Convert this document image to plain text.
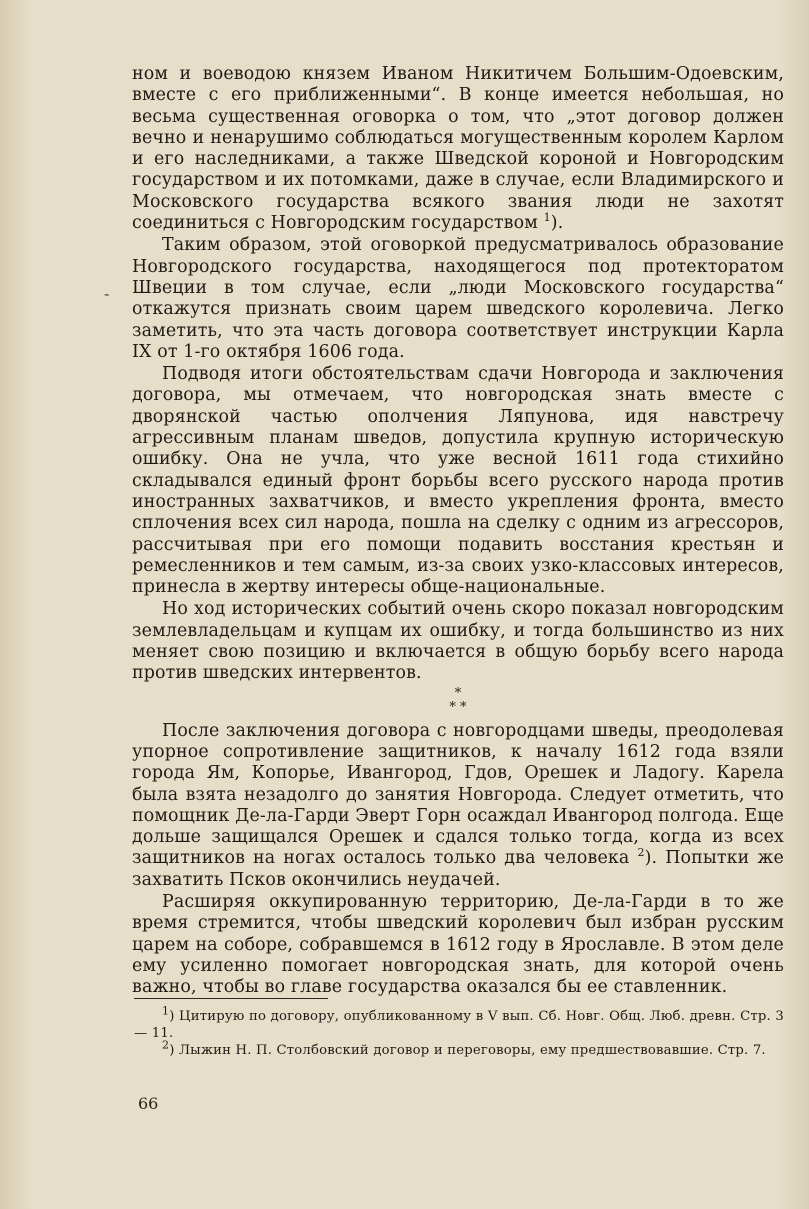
-

ном и воеводою князем Иваном Никитичем Большим-Одоевским, вместе с его приближенными“. В конце имеется небольшая, но весьма существенная оговорка о том, что „этот договор должен вечно и ненарушимо соблюдаться могущественным королем Карлом и его наследниками, а также Шведской короной и Новгородским государством и их потомками, даже в случае, если Владимирского и Московского государства всякого звания люди не захотят соединиться с Новгородским государством $^1$).

Таким образом, этой оговоркой предусматривалось образование Новгородского государства, находящегося под протекторатом Швеции в том случае, если „люди Московского государства“ откажутся признать своим царем шведского королевича. Легко заметить, что эта часть договора соответствует инструкции Карла IX от 1-го октября 1606 года.

Подводя итоги обстоятельствам сдачи Новгорода и заключения договора, мы отмечаем, что новгородская знать вместе с дворянской частью ополчения Ляпунова, идя навстречу агрессивным планам шведов, допустила крупную историческую ошибку. Она не учла, что уже весной 1611 года стихийно складывался единый фронт борьбы всего русского народа против иностранных захватчиков, и вместо укрепления фронта, вместо сплочения всех сил народа, пошла на сделку с одним из агрессоров, рассчитывая при его помощи подавить восстания крестьян и ремесленников и тем самым, из-за своих узко-классовых интересов, принесла в жертву интересы обще-национальные.

Но ход исторических событий очень скоро показал новгородским землевладельцам и купцам их ошибку, и тогда большинство из них меняет свою позицию и включается в общую борьбу всего народа против шведских интервентов.

*
* *

После заключения договора с новгородцами шведы, преодолевая упорное сопротивление защитников, к началу 1612 года взяли города Ям, Копорье, Ивангород, Гдов, Орешек и Ладогу. Карела была взята незадолго до занятия Новгорода. Следует отметить, что помощник Де-ла-Гарди Эверт Горн осаждал Ивангород полгода. Еще дольше защищался Орешек и сдался только тогда, когда из всех защитников на ногах осталось только два человека $^2$). Попытки же захватить Псков окончились неудачей.

Расширяя оккупированную территорию, Де-ла-Гарди в то же время стремится, чтобы шведский королевич был избран русским царем на соборе, собравшемся в 1612 году в Ярославле. В этом деле ему усиленно помогает новгородская знать, для которой очень важно, чтобы во главе государства оказался бы ее ставленник.

$^1$) Цитирую по договору, опубликованному в V вып. Сб. Новг. Общ. Люб. древн. Стр. 3 — 11.

$^2$) Лыжин Н. П. Столбовский договор и переговоры, ему предшествовавшие. Стр. 7.

66
